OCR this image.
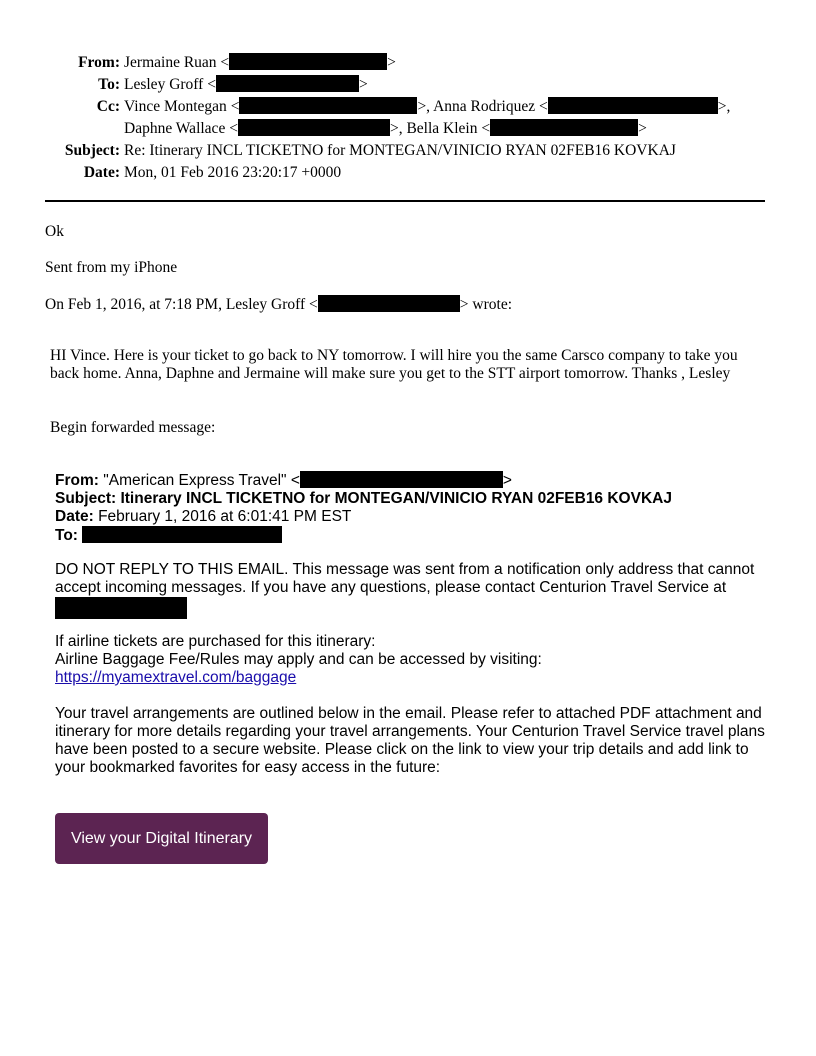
From: Jermaine Ruan <	>
To: Lesley Groff <	>
Cc: Vince Montegan <	>, Anna Rodriquez <	>,
Daphne Wallace <	>, Bella Klein <	>
Subject: Re: Itinerary INCL TICKETNO for MONTEGAN/VINICIO RYAN 02FEB16 KOVKAJ
Date: Mon, 01 Feb 2016 23:20:17 +0000
Ok
Sent from my iPhone
On Feb 1, 2016, at 7:18 PM, Lesley Groff <	> wrote:
HI Vince. Here is your ticket to go back to NY tomorrow. I will hire you the same Carsco company to take you back home. Anna, Daphne and Jermaine will make sure you get to the STT airport tomorrow. Thanks , Lesley
Begin forwarded message:
From: "American Express Travel" <	>
Subject: Itinerary INCL TICKETNO for MONTEGAN/VINICIO RYAN 02FEB16 KOVKAJ
Date: February 1, 2016 at 6:01:41 PM EST
To:
DO NOT REPLY TO THIS EMAIL. This message was sent from a notification only address that cannot accept incoming messages. If you have any questions, please contact Centurion Travel Service at
If airline tickets are purchased for this itinerary:
Airline Baggage Fee/Rules may apply and can be accessed by visiting:
https://myamextravel.com/baggage
Your travel arrangements are outlined below in the email. Please refer to attached PDF attachment and itinerary for more details regarding your travel arrangements. Your Centurion Travel Service travel plans have been posted to a secure website. Please click on the link to view your trip details and add link to your bookmarked favorites for easy access in the future:
View your Digital Itinerary
